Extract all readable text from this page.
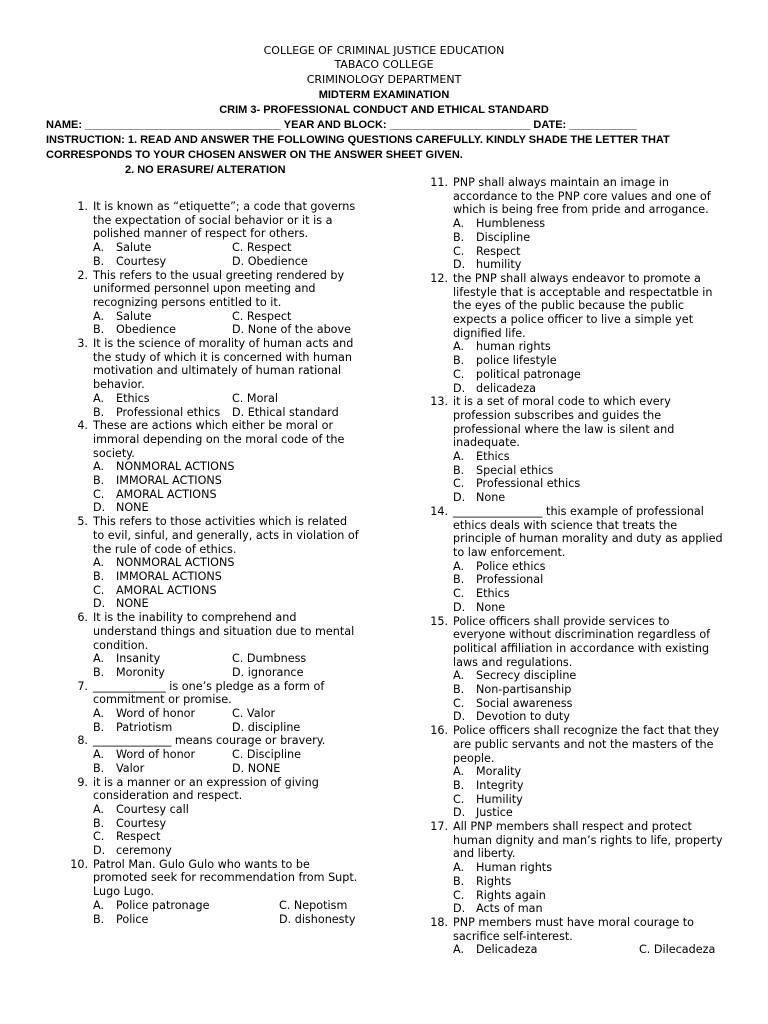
COLLEGE OF CRIMINAL JUSTICE EDUCATION
TABACO COLLEGE
CRIMINOLOGY DEPARTMENT
MIDTERM EXAMINATION
CRIM 3- PROFESSIONAL CONDUCT AND ETHICAL STANDARD
NAME: ________________________________ YEAR AND BLOCK: _______________________ DATE: ___________
INSTRUCTION: 1. READ AND ANSWER THE FOLLOWING QUESTIONS CAREFULLY. KINDLY SHADE THE LETTER THAT
CORRESPONDS TO YOUR CHOSEN ANSWER ON THE ANSWER SHEET GIVEN.
2. NO ERASURE/ ALTERATION
1. It is known as “etiquette”; a code that governs the expectation of social behavior or it is a polished manner of respect for others.
A. Salute	C. Respect
B. Courtesy	D. Obedience
2. This refers to the usual greeting rendered by uniformed personnel upon meeting and recognizing persons entitled to it.
A. Salute	C. Respect
B. Obedience	D. None of the above
3. It is the science of morality of human acts and the study of which it is concerned with human motivation and ultimately of human rational behavior.
A. Ethics	C. Moral
B. Professional ethics	D. Ethical standard
4. These are actions which either be moral or immoral depending on the moral code of the society.
A. NONMORAL ACTIONS
B. IMMORAL ACTIONS
C. AMORAL ACTIONS
D. NONE
5. This refers to those activities which is related to evil, sinful, and generally, acts in violation of the rule of code of ethics.
A. NONMORAL ACTIONS
B. IMMORAL ACTIONS
C. AMORAL ACTIONS
D. NONE
6. It is the inability to comprehend and understand things and situation due to mental condition.
A. Insanity	C. Dumbness
B. Moronity	D. ignorance
7. _____________ is one’s pledge as a form of commitment or promise.
A. Word of honor	C. Valor
B. Patriotism	D. discipline
8. ______________ means courage or bravery.
A. Word of honor	C. Discipline
B. Valor	D. NONE
9. it is a manner or an expression of giving consideration and respect.
A. Courtesy call
B. Courtesy
C. Respect
D. ceremony
10. Patrol Man. Gulo Gulo who wants to be promoted seek for recommendation from Supt. Lugo Lugo.
A. Police patronage	C. Nepotism
B. Police	D. dishonesty
11. PNP shall always maintain an image in accordance to the PNP core values and one of which is being free from pride and arrogance.
A. Humbleness
B. Discipline
C. Respect
D. humility
12. the PNP shall always endeavor to promote a lifestyle that is acceptable and respectatble in the eyes of the public because the public expects a police officer to live a simple yet dignified life.
A. human rights
B. police lifestyle
C. political patronage
D. delicadeza
13. it is a set of moral code to which every profession subscribes and guides the professional where the law is silent and inadequate.
A. Ethics
B. Special ethics
C. Professional ethics
D. None
14. ________________ this example of professional ethics deals with science that treats the principle of human morality and duty as applied to law enforcement.
A. Police ethics
B. Professional
C. Ethics
D. None
15. Police officers shall provide services to everyone without discrimination regardless of political affiliation in accordance with existing laws and regulations.
A. Secrecy discipline
B. Non-partisanship
C. Social awareness
D. Devotion to duty
16. Police officers shall recognize the fact that they are public servants and not the masters of the people.
A. Morality
B. Integrity
C. Humility
D. Justice
17. All PNP members shall respect and protect human dignity and man’s rights to life, property and liberty.
A. Human rights
B. Rights
C. Rights again
D. Acts of man
18. PNP members must have moral courage to sacrifice self-interest.
A. Delicadeza	C. Dilecadeza
